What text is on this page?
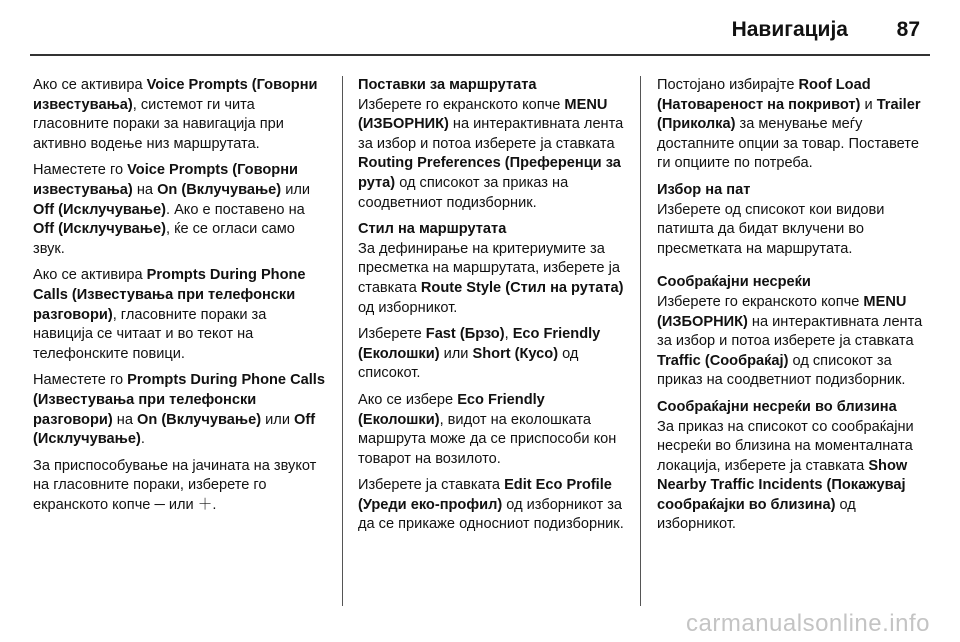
Навигација 87

Ако се активира Voice Prompts (Говорни известувања), системот ги чита гласовните пораки за навигација при активно водење низ маршрутата.

Наместете го Voice Prompts (Говорни известувања) на On (Вклучување) или Off (Исклучување). Ако е поставено на Off (Исклучување), ќе се огласи само звук.

Ако се активира Prompts During Phone Calls (Известувања при телефонски разговори), гласовните пораки за навиција се читаат и во текот на телефонските повици.

Наместете го Prompts During Phone Calls (Известувања при телефонски разговори) на On (Вклучување) или Off (Исклучување).

За приспособување на јачината на звукот на гласовните пораки, изберете го екранското копче ─ или ＋.

Поставки за маршрутата

Изберете го екранското копче MENU (ИЗБОРНИК) на интерактивната лента за избор и потоа изберете ја ставката Routing Preferences (Преференци за рута) од списокот за приказ на соодветниот подизборник.

Стил на маршрутата

За дефинирање на критериумите за пресметка на маршрутата, изберете ја ставката Route Style (Стил на рутата) од изборникот.

Изберете Fast (Брзо), Eco Friendly (Еколошки) или Short (Кусо) од списокот.

Ако се избере Eco Friendly (Еколошки), видот на еколошката маршрута може да се приспособи кон товарот на возилото.

Изберете ја ставката Edit Eco Profile (Уреди еко-профил) од изборникот за да се прикаже односниот подизборник.

Постојано избирајте Roof Load (Натовареност на покривот) и Trailer (Приколка) за менување меѓу достапните опции за товар. Поставете ги опциите по потреба.

Избор на пат

Изберете од списокот кои видови патишта да бидат вклучени во пресметката на маршрутата.

Сообраќајни несреќи

Изберете го екранското копче MENU (ИЗБОРНИК) на интерактивната лента за избор и потоа изберете ја ставката Traffic (Сообраќај) од списокот за приказ на соодветниот подизборник.

Сообраќајни несреќи во близина

За приказ на списокот со сообраќајни несреќи во близина на моменталната локација, изберете ја ставката Show Nearby Traffic Incidents (Покажувај сообраќајки во близина) од изборникот.

carmanualsonline.info
